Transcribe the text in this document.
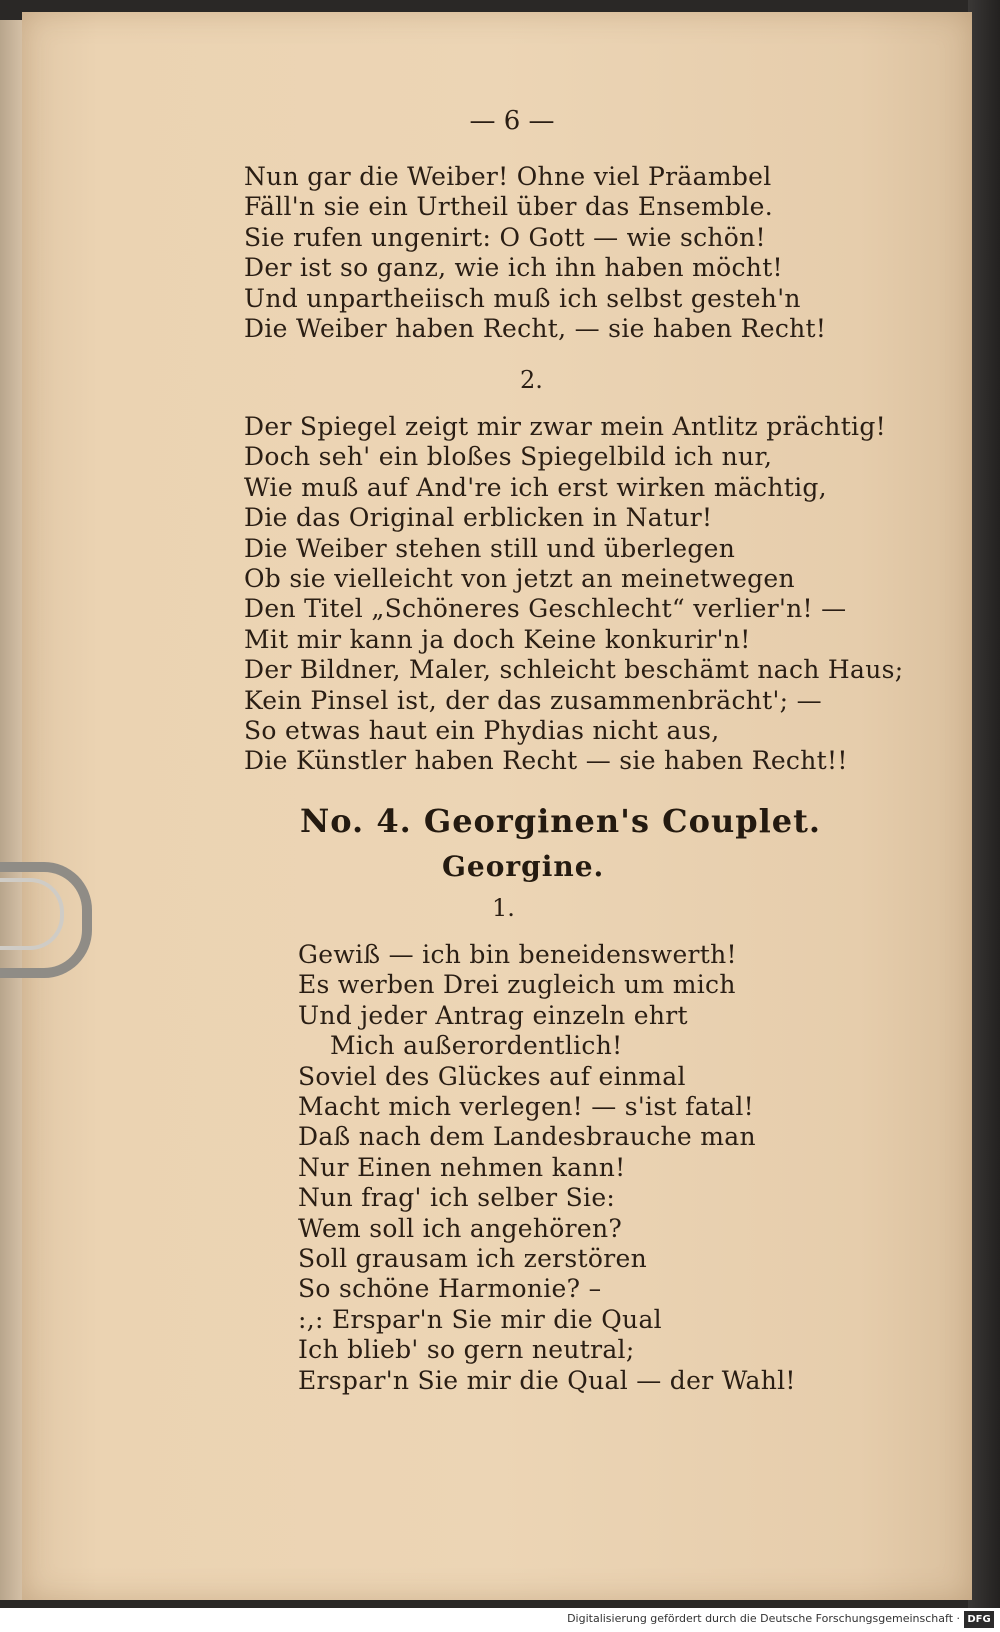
— 6 —
Nun gar die Weiber! Ohne viel Präambel
Fäll'n sie ein Urtheil über das Ensemble.
Sie rufen ungenirt: O Gott — wie schön!
Der ist so ganz, wie ich ihn haben möcht!
Und unpartheiisch muß ich selbst gesteh'n
Die Weiber haben Recht, — sie haben Recht!
2.
Der Spiegel zeigt mir zwar mein Antlitz prächtig!
Doch seh' ein bloßes Spiegelbild ich nur,
Wie muß auf And're ich erst wirken mächtig,
Die das Original erblicken in Natur!
Die Weiber stehen still und überlegen
Ob sie vielleicht von jetzt an meinetwegen
Den Titel „Schöneres Geschlecht“ verlier'n! —
Mit mir kann ja doch Keine konkurir'n!
Der Bildner, Maler, schleicht beschämt nach Haus;
Kein Pinsel ist, der das zusammenbrächt'; —
So etwas haut ein Phydias nicht aus,
Die Künstler haben Recht — sie haben Recht!!
No. 4. Georginen's Couplet.
Georgine.
1.
Gewiß — ich bin beneidenswerth!
Es werben Drei zugleich um mich
Und jeder Antrag einzeln ehrt
Mich außerordentlich!
Soviel des Glückes auf einmal
Macht mich verlegen! — s'ist fatal!
Daß nach dem Landesbrauche man
Nur Einen nehmen kann!
Nun frag' ich selber Sie:
Wem soll ich angehören?
Soll grausam ich zerstören
So schöne Harmonie? –
:,: Erspar'n Sie mir die Qual
Ich blieb' so gern neutral;
Erspar'n Sie mir die Qual — der Wahl!
Digitalisierung gefördert durch die Deutsche Forschungsgemeinschaft · DFG
